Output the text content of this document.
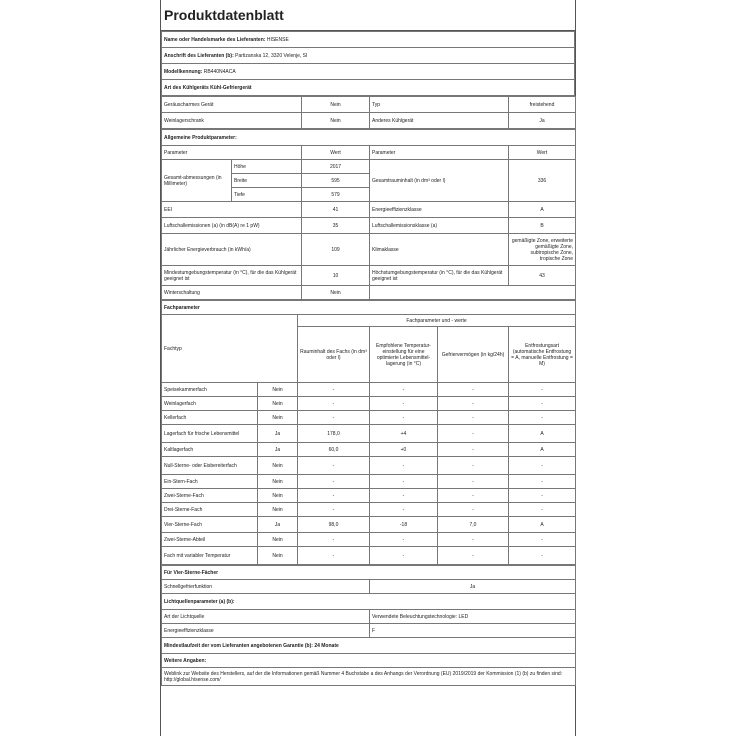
Produktdatenblatt
Name oder Handelsmarke des Lieferanten: HISENSE
Anschrift des Lieferanten (b): Partizanska 12, 3320 Velenje, SI
Modellkennung: RB440N4ACA
Art des Kühlgeräts Kühl-Gefriergerät
Geräuscharmes Gerät	Nein	Typ	freistehend
Weinlagerschrank	Nein	Anderes Kühlgerät	Ja
Allgemeine Produktparameter:				
Parameter		Wert	Parameter	Wert
Gesamt-abmessungen (in Millimeter)	Höhe	2017	Gesamtrauminhalt (in dm³ oder l)	336
	Breite	595		
	Tiefe	579		
EEI		41	Energieeffizienzklasse	A
Luftschallemissionen (a) (in dB(A) re 1 pW)		35	Luftschallemissionsklasse (a)	B
Jährlicher Energieverbrauch (in kWh/a)		109	Klimaklasse	gemäßigte Zone, erweiterte gemäßigte Zone, subtropische Zone, tropische Zone
Mindestumgebungstemperatur (in °C), für die das Kühlgerät geeignet ist		10	Höchstumgebungstemperatur (in °C), für die das Kühlgerät geeignet ist	43
Winterschaltung		Nein		
Fachparameter					
Fachtyp		Fachparameter und - werte			
		Rauminhalt des Fachs (in dm³ oder l)	Empfohlene Temperatur-einstellung für eine optimierte Lebensmittel-lagerung (in °C)	Gefriervermögen (in kg/24h)	Entfrostungsart (automatische Entfrostung = A, manuelle Entfrostung = M)
Speisekammerfach	Nein	-	-	-	-
Weinlagerfach	Nein	-	-	-	-
Kellerfach	Nein	-	-	-	-
Lagerfach für frische Lebensmittel	Ja	178,0	+4	-	A
Kaltlagerfach	Ja	60,0	+0	-	A
Null-Sterne- oder Eisbereiterfach	Nein	-	-	-	-
Ein-Stern-Fach	Nein	-	-	-	-
Zwei-Sterne-Fach	Nein	-	-	-	-
Drei-Sterne-Fach	Nein	-	-	-	-
Vier-Sterne-Fach	Ja	98,0	-18	7,0	A
Zwei-Sterne-Abteil	Nein	-	-	-	-
Fach mit variabler Temperatur	Nein	-	-	-	-
Für Vier-Sterne-Fächer	
Schnellgefrierfunktion	Ja
Lichtquellenparameter (a) (b):	
Art der Lichtquelle	Verwendete Beleuchtungstechnologie: LED
Energieeffizienzklasse	F
Mindestlaufzeit der vom Lieferanten angebotenen Garantie (b): 24 Monate	
Weitere Angaben:	
Weblink zur Website des Herstellers, auf der die Informationen gemäß Nummer 4 Buchstabe a des Anhangs der Verordnung (EU) 2019/2019 der Kommission (1) (b) zu finden sind: http://global.hisense.com/	
